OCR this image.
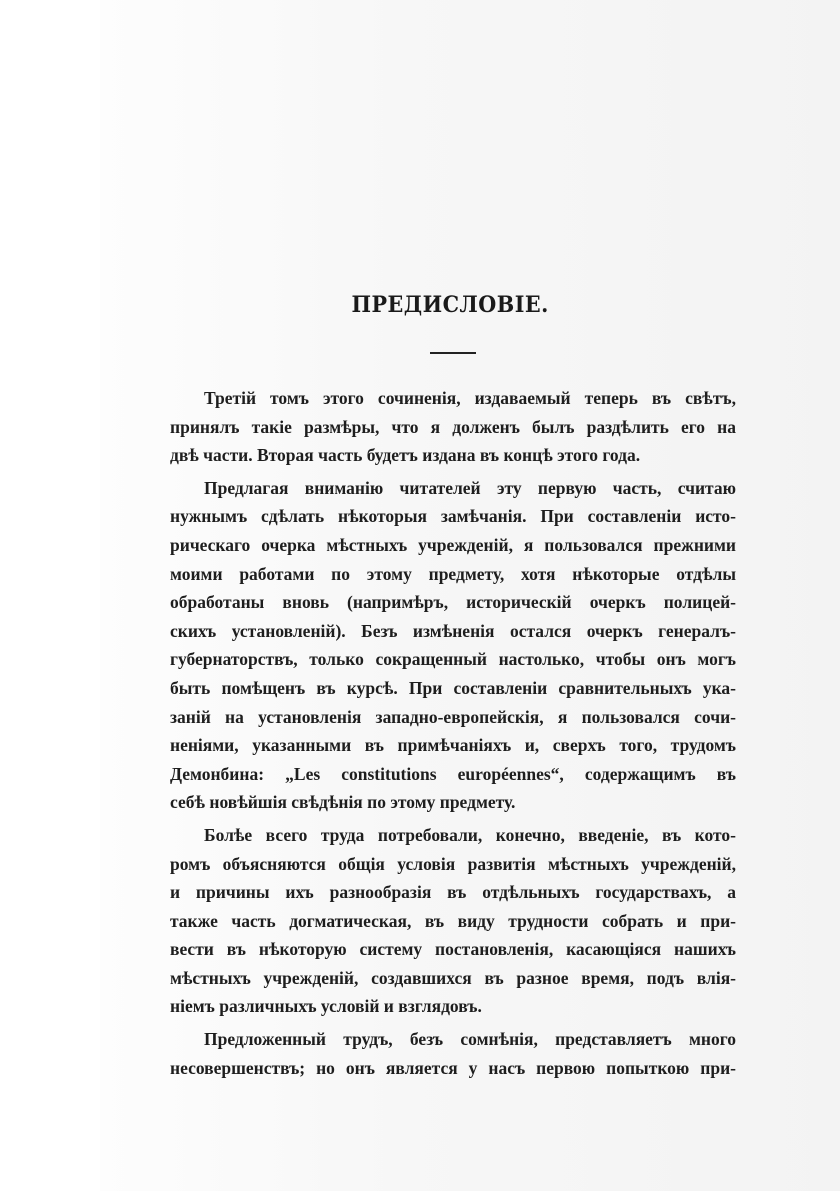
ПРЕДИСЛОВІЕ.
Третій томъ этого сочиненія, издаваемый теперь въ свѣтъ,
принялъ такіе размѣры, что я долженъ былъ раздѣлить его на
двѣ части. Вторая часть будетъ издана въ концѣ этого года.
Предлагая вниманію читателей эту первую часть, считаю
нужнымъ сдѣлать нѣкоторыя замѣчанія. При составленіи исто-
рическаго очерка мѣстныхъ учрежденій, я пользовался прежними
моими работами по этому предмету, хотя нѣкоторые отдѣлы
обработаны вновь (напримѣръ, историческій очеркъ полицей-
скихъ установленій). Безъ измѣненія остался очеркъ генералъ-
губернаторствъ, только сокращенный настолько, чтобы онъ могъ
быть помѣщенъ въ курсѣ. При составленіи сравнительныхъ ука-
заній на установленія западно-европейскія, я пользовался сочи-
неніями, указанными въ примѣчаніяхъ и, сверхъ того, трудомъ
Демонбина: „Les constitutions européennes“, содержащимъ въ
себѣ новѣйшія свѣдѣнія по этому предмету.
Болѣе всего труда потребовали, конечно, введеніе, въ кото-
ромъ объясняются общія условія развитія мѣстныхъ учрежденій,
и причины ихъ разнообразія въ отдѣльныхъ государствахъ, а
также часть догматическая, въ виду трудности собрать и при-
вести въ нѣкоторую систему постановленія, касающіяся нашихъ
мѣстныхъ учрежденій, создавшихся въ разное время, подъ влія-
ніемъ различныхъ условій и взглядовъ.
Предложенный трудъ, безъ сомнѣнія, представляетъ много
несовершенствъ; но онъ является у насъ первою попыткою при-
